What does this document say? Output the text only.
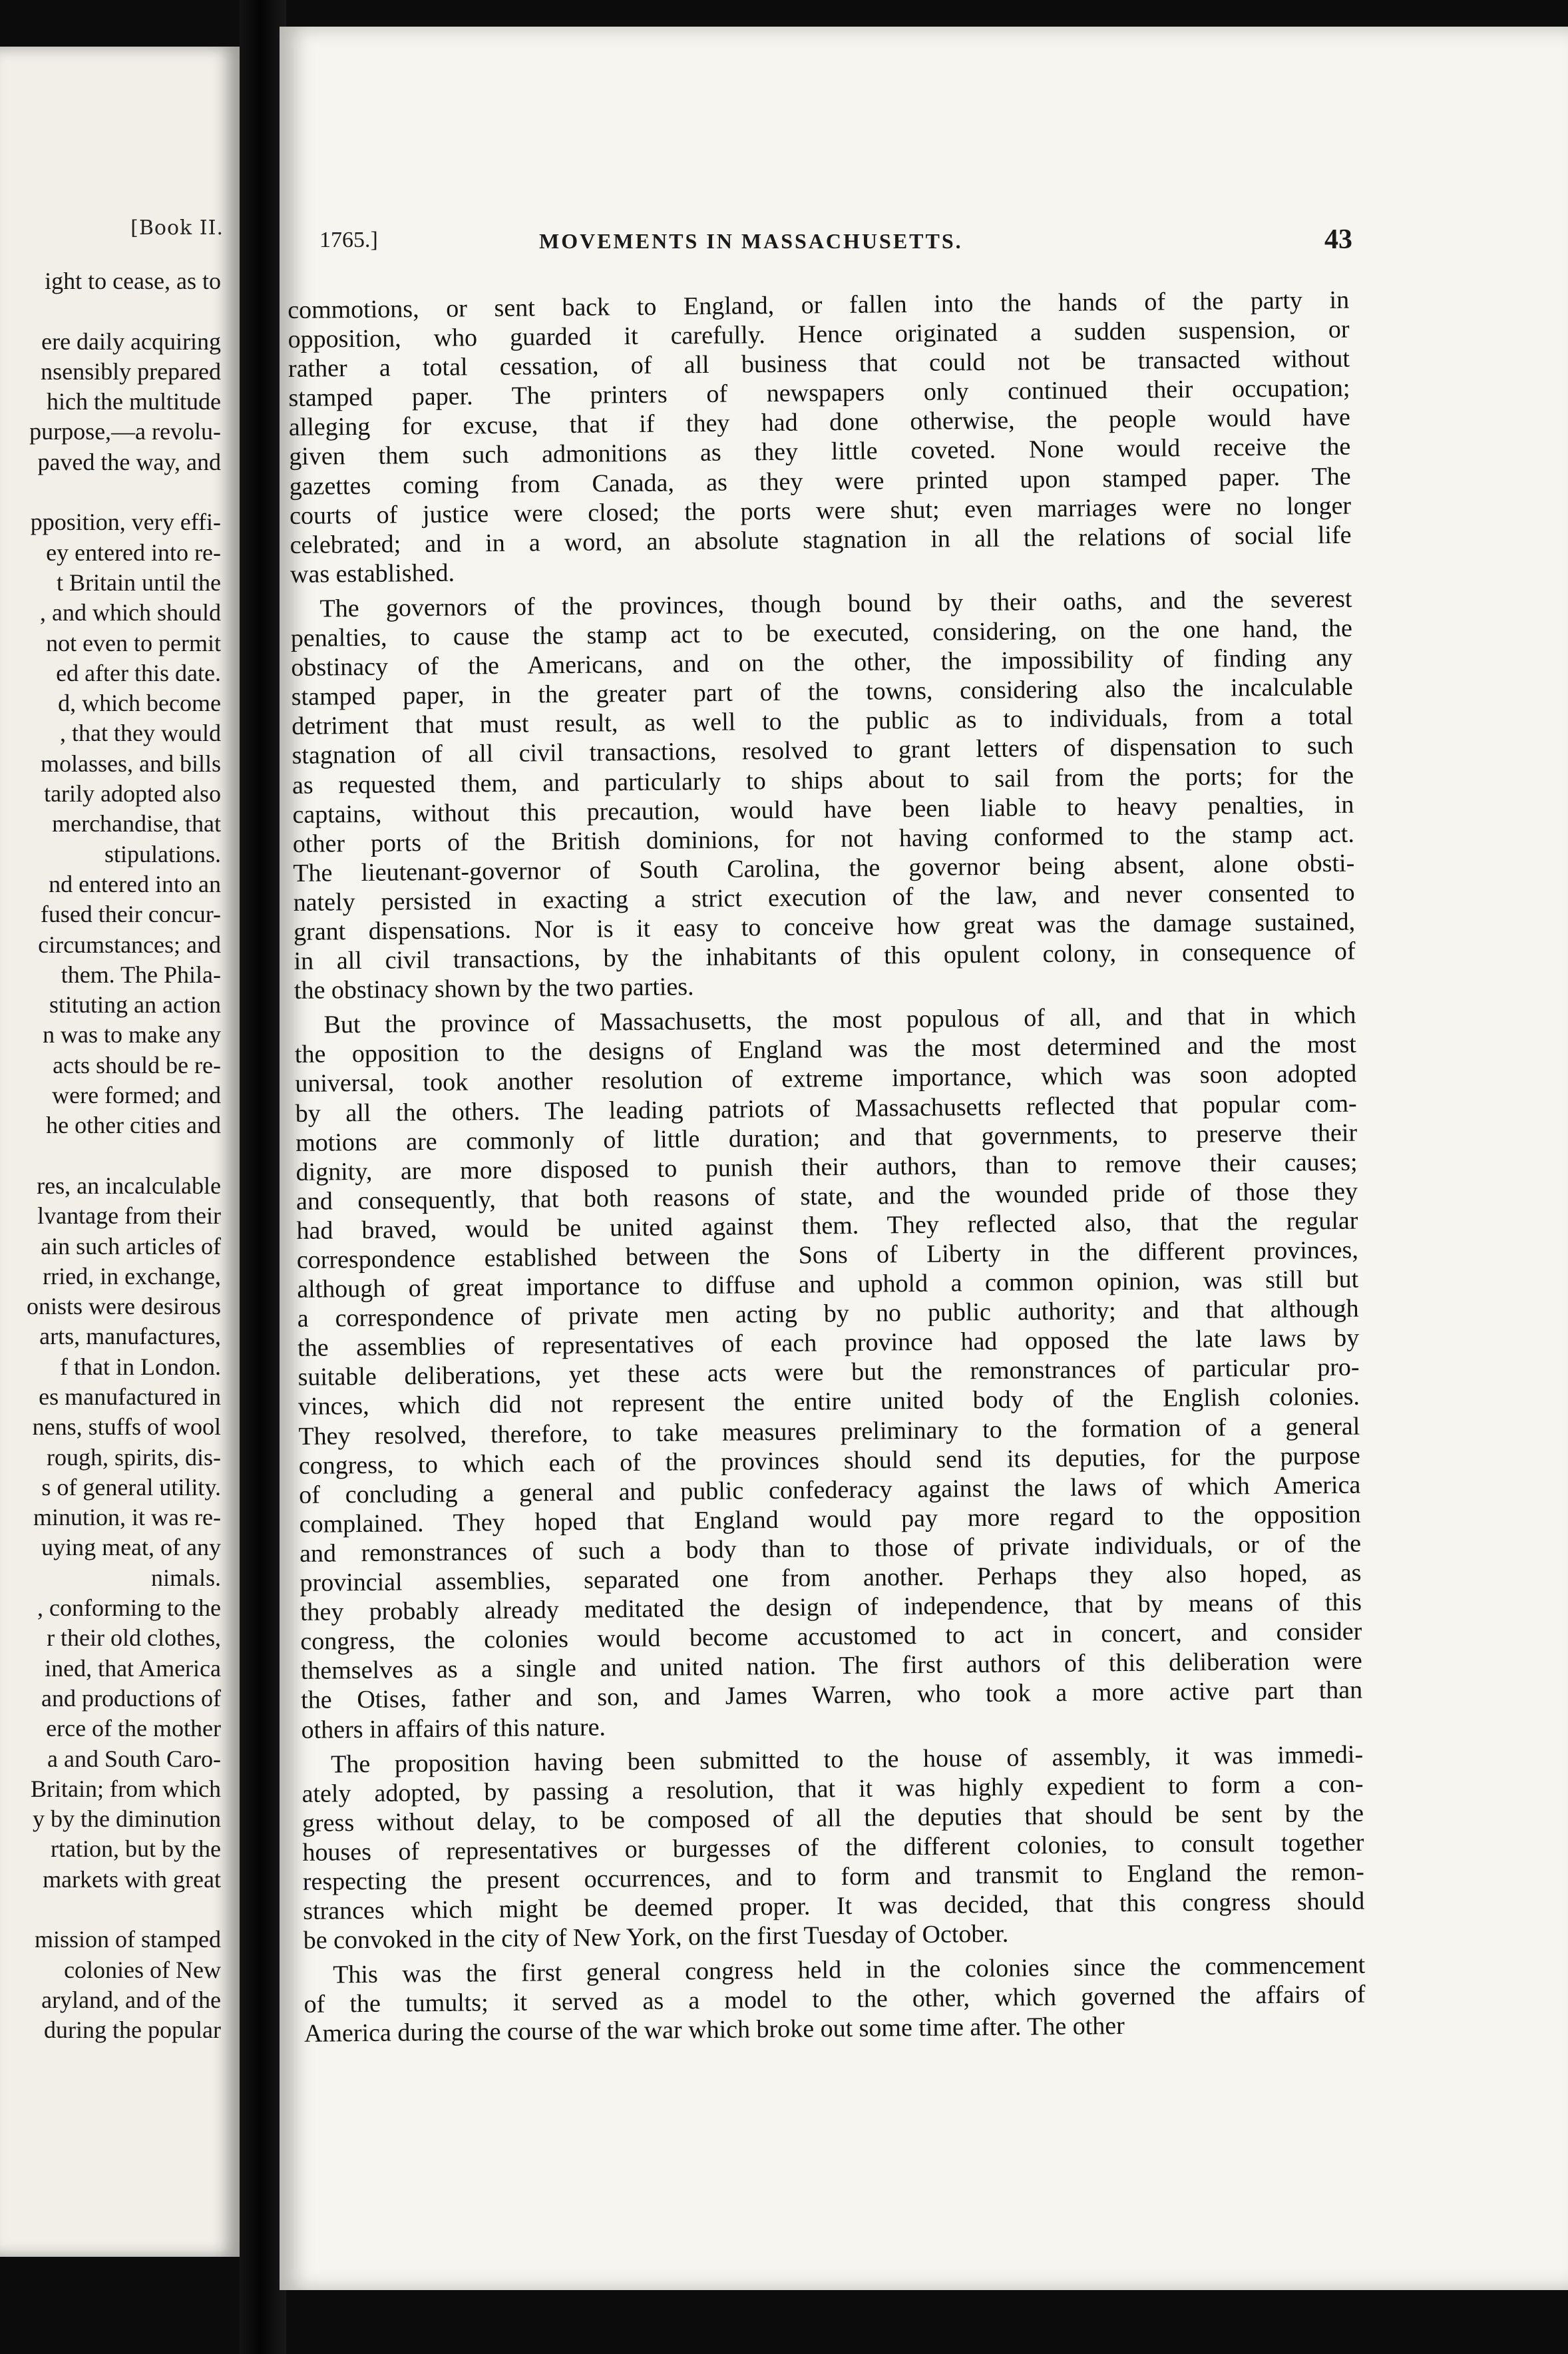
[Book II.

ight to cease, as to

ere daily acquiring

nsensibly prepared

hich the multitude

purpose,—a revolu-

paved the way, and

pposition, very effi-

ey entered into re-

t Britain until the

, and which should

not even to permit

ed after this date.

d, which become

, that they would

molasses, and bills

tarily adopted also

merchandise, that

stipulations.

nd entered into an

fused their concur-

circumstances; and

them. The Phila-

stituting an action

n was to make any

acts should be re-

were formed; and

he other cities and

res, an incalculable

lvantage from their

ain such articles of

rried, in exchange,

onists were desirous

arts, manufactures,

f that in London.

es manufactured in

nens, stuffs of wool

rough, spirits, dis-

s of general utility.

minution, it was re-

uying meat, of any

nimals.

, conforming to the

r their old clothes,

ined, that America

and productions of

erce of the mother

a and South Caro-

Britain; from which

y by the diminution

rtation, but by the

markets with great

mission of stamped

colonies of New

aryland, and of the

during the popular

1765.]	MOVEMENTS IN MASSACHUSETTS.	43

commotions, or sent back to England, or fallen into the hands of the party in

opposition, who guarded it carefully. Hence originated a sudden suspension, or

rather a total cessation, of all business that could not be transacted without

stamped paper. The printers of newspapers only continued their occupation;

alleging for excuse, that if they had done otherwise, the people would have

given them such admonitions as they little coveted. None would receive the

gazettes coming from Canada, as they were printed upon stamped paper. The

courts of justice were closed; the ports were shut; even marriages were no longer

celebrated; and in a word, an absolute stagnation in all the relations of social life

was established.

The governors of the provinces, though bound by their oaths, and the severest

penalties, to cause the stamp act to be executed, considering, on the one hand, the

obstinacy of the Americans, and on the other, the impossibility of finding any

stamped paper, in the greater part of the towns, considering also the incalculable

detriment that must result, as well to the public as to individuals, from a total

stagnation of all civil transactions, resolved to grant letters of dispensation to such

as requested them, and particularly to ships about to sail from the ports; for the

captains, without this precaution, would have been liable to heavy penalties, in

other ports of the British dominions, for not having conformed to the stamp act.

The lieutenant-governor of South Carolina, the governor being absent, alone obsti-

nately persisted in exacting a strict execution of the law, and never consented to

grant dispensations. Nor is it easy to conceive how great was the damage sustained,

in all civil transactions, by the inhabitants of this opulent colony, in consequence of

the obstinacy shown by the two parties.

But the province of Massachusetts, the most populous of all, and that in which

the opposition to the designs of England was the most determined and the most

universal, took another resolution of extreme importance, which was soon adopted

by all the others. The leading patriots of Massachusetts reflected that popular com-

motions are commonly of little duration; and that governments, to preserve their

dignity, are more disposed to punish their authors, than to remove their causes;

and consequently, that both reasons of state, and the wounded pride of those they

had braved, would be united against them. They reflected also, that the regular

correspondence established between the Sons of Liberty in the different provinces,

although of great importance to diffuse and uphold a common opinion, was still but

a correspondence of private men acting by no public authority; and that although

the assemblies of representatives of each province had opposed the late laws by

suitable deliberations, yet these acts were but the remonstrances of particular pro-

vinces, which did not represent the entire united body of the English colonies.

They resolved, therefore, to take measures preliminary to the formation of a general

congress, to which each of the provinces should send its deputies, for the purpose

of concluding a general and public confederacy against the laws of which America

complained. They hoped that England would pay more regard to the opposition

and remonstrances of such a body than to those of private individuals, or of the

provincial assemblies, separated one from another. Perhaps they also hoped, as

they probably already meditated the design of independence, that by means of this

congress, the colonies would become accustomed to act in concert, and consider

themselves as a single and united nation. The first authors of this deliberation were

the Otises, father and son, and James Warren, who took a more active part than

others in affairs of this nature.

The proposition having been submitted to the house of assembly, it was immedi-

ately adopted, by passing a resolution, that it was highly expedient to form a con-

gress without delay, to be composed of all the deputies that should be sent by the

houses of representatives or burgesses of the different colonies, to consult together

respecting the present occurrences, and to form and transmit to England the remon-

strances which might be deemed proper. It was decided, that this congress should

be convoked in the city of New York, on the first Tuesday of October.

This was the first general congress held in the colonies since the commencement

of the tumults; it served as a model to the other, which governed the affairs of

America during the course of the war which broke out some time after. The other
